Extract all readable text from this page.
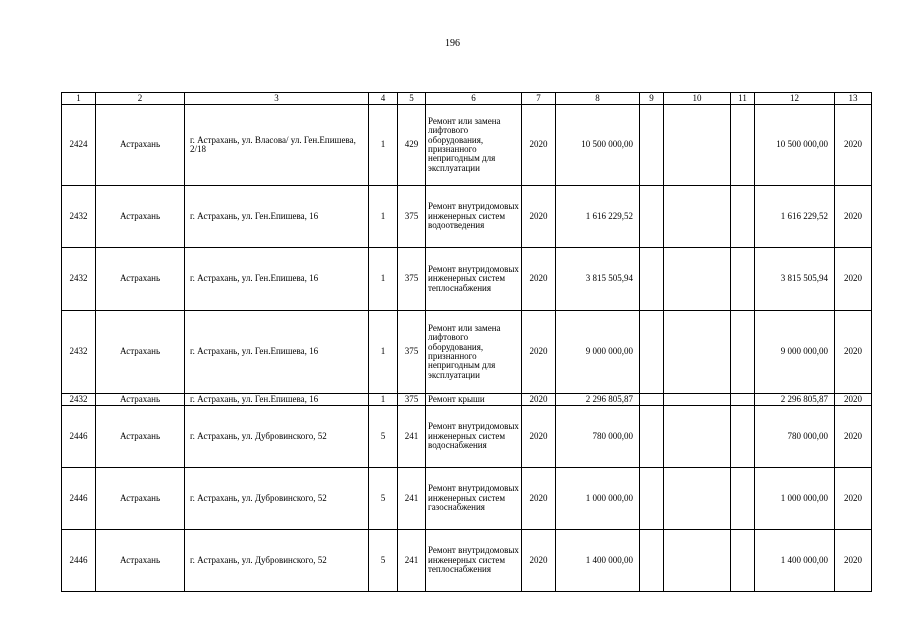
196
1	2	3	4	5	6	7	8	9	10	11	12	13
2424	Астрахань	г. Астрахань, ул. Власова/ ул. Ген.Епишева, 2/18	1	429	Ремонт или замена лифтового оборудования, признанного непригодным для эксплуатации	2020	10 500 000,00				10 500 000,00	2020
2432	Астрахань	г. Астрахань, ул. Ген.Епишева, 16	1	375	Ремонт внутридомовых инженерных систем водоотведения	2020	1 616 229,52				1 616 229,52	2020
2432	Астрахань	г. Астрахань, ул. Ген.Епишева, 16	1	375	Ремонт внутридомовых инженерных систем теплоснабжения	2020	3 815 505,94				3 815 505,94	2020
2432	Астрахань	г. Астрахань, ул. Ген.Епишева, 16	1	375	Ремонт или замена лифтового оборудования, признанного непригодным для эксплуатации	2020	9 000 000,00				9 000 000,00	2020
2432	Астрахань	г. Астрахань, ул. Ген.Епишева, 16	1	375	Ремонт крыши	2020	2 296 805,87				2 296 805,87	2020
2446	Астрахань	г. Астрахань, ул. Дубровинского, 52	5	241	Ремонт внутридомовых инженерных систем водоснабжения	2020	780 000,00				780 000,00	2020
2446	Астрахань	г. Астрахань, ул. Дубровинского, 52	5	241	Ремонт внутридомовых инженерных систем газоснабжения	2020	1 000 000,00				1 000 000,00	2020
2446	Астрахань	г. Астрахань, ул. Дубровинского, 52	5	241	Ремонт внутридомовых инженерных систем теплоснабжения	2020	1 400 000,00				1 400 000,00	2020
